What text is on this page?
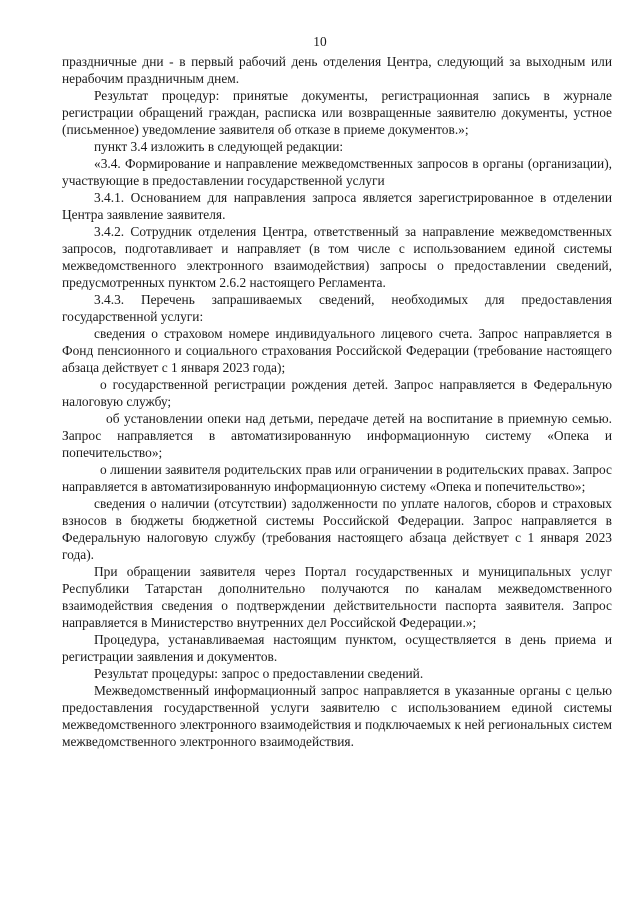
10

праздничные дни - в первый рабочий день отделения Центра, следующий за выходным или нерабочим праздничным днем.

Результат процедур: принятые документы, регистрационная запись в журнале регистрации обращений граждан, расписка или возвращенные заявителю документы, устное (письменное) уведомление заявителя об отказе в приеме документов.»;

пункт 3.4 изложить в следующей редакции:

«3.4. Формирование и направление межведомственных запросов в органы (организации), участвующие в предоставлении государственной услуги

3.4.1. Основанием для направления запроса является зарегистрированное в отделении Центра заявление заявителя.

3.4.2. Сотрудник отделения Центра, ответственный за направление межведомственных запросов, подготавливает и направляет (в том числе с использованием единой системы межведомственного электронного взаимодействия) запросы о предоставлении сведений, предусмотренных пунктом 2.6.2 настоящего Регламента.

3.4.3. Перечень запрашиваемых сведений, необходимых для предоставления государственной услуги:

сведения о страховом номере индивидуального лицевого счета. Запрос направляется в Фонд пенсионного и социального страхования Российской Федерации (требование настоящего абзаца действует с 1 января 2023 года);

о государственной регистрации рождения детей. Запрос направляется в Федеральную налоговую службу;

об установлении опеки над детьми, передаче детей на воспитание в приемную семью. Запрос направляется в автоматизированную информационную систему «Опека и попечительство»;

о лишении заявителя родительских прав или ограничении в родительских правах. Запрос направляется в автоматизированную информационную систему «Опека и попечительство»;

сведения о наличии (отсутствии) задолженности по уплате налогов, сборов и страховых взносов в бюджеты бюджетной системы Российской Федерации. Запрос направляется в Федеральную налоговую службу (требования настоящего абзаца действует с 1 января 2023 года).

При обращении заявителя через Портал государственных и муниципальных услуг Республики Татарстан дополнительно получаются по каналам межведомственного взаимодействия сведения о подтверждении действительности паспорта заявителя. Запрос направляется в Министерство внутренних дел Российской Федерации.»;

Процедура, устанавливаемая настоящим пунктом, осуществляется в день приема и регистрации заявления и документов.

Результат процедуры: запрос о предоставлении сведений.

Межведомственный информационный запрос направляется в указанные органы с целью предоставления государственной услуги заявителю с использованием единой системы межведомственного электронного взаимодействия и подключаемых к ней региональных систем межведомственного электронного взаимодействия.
